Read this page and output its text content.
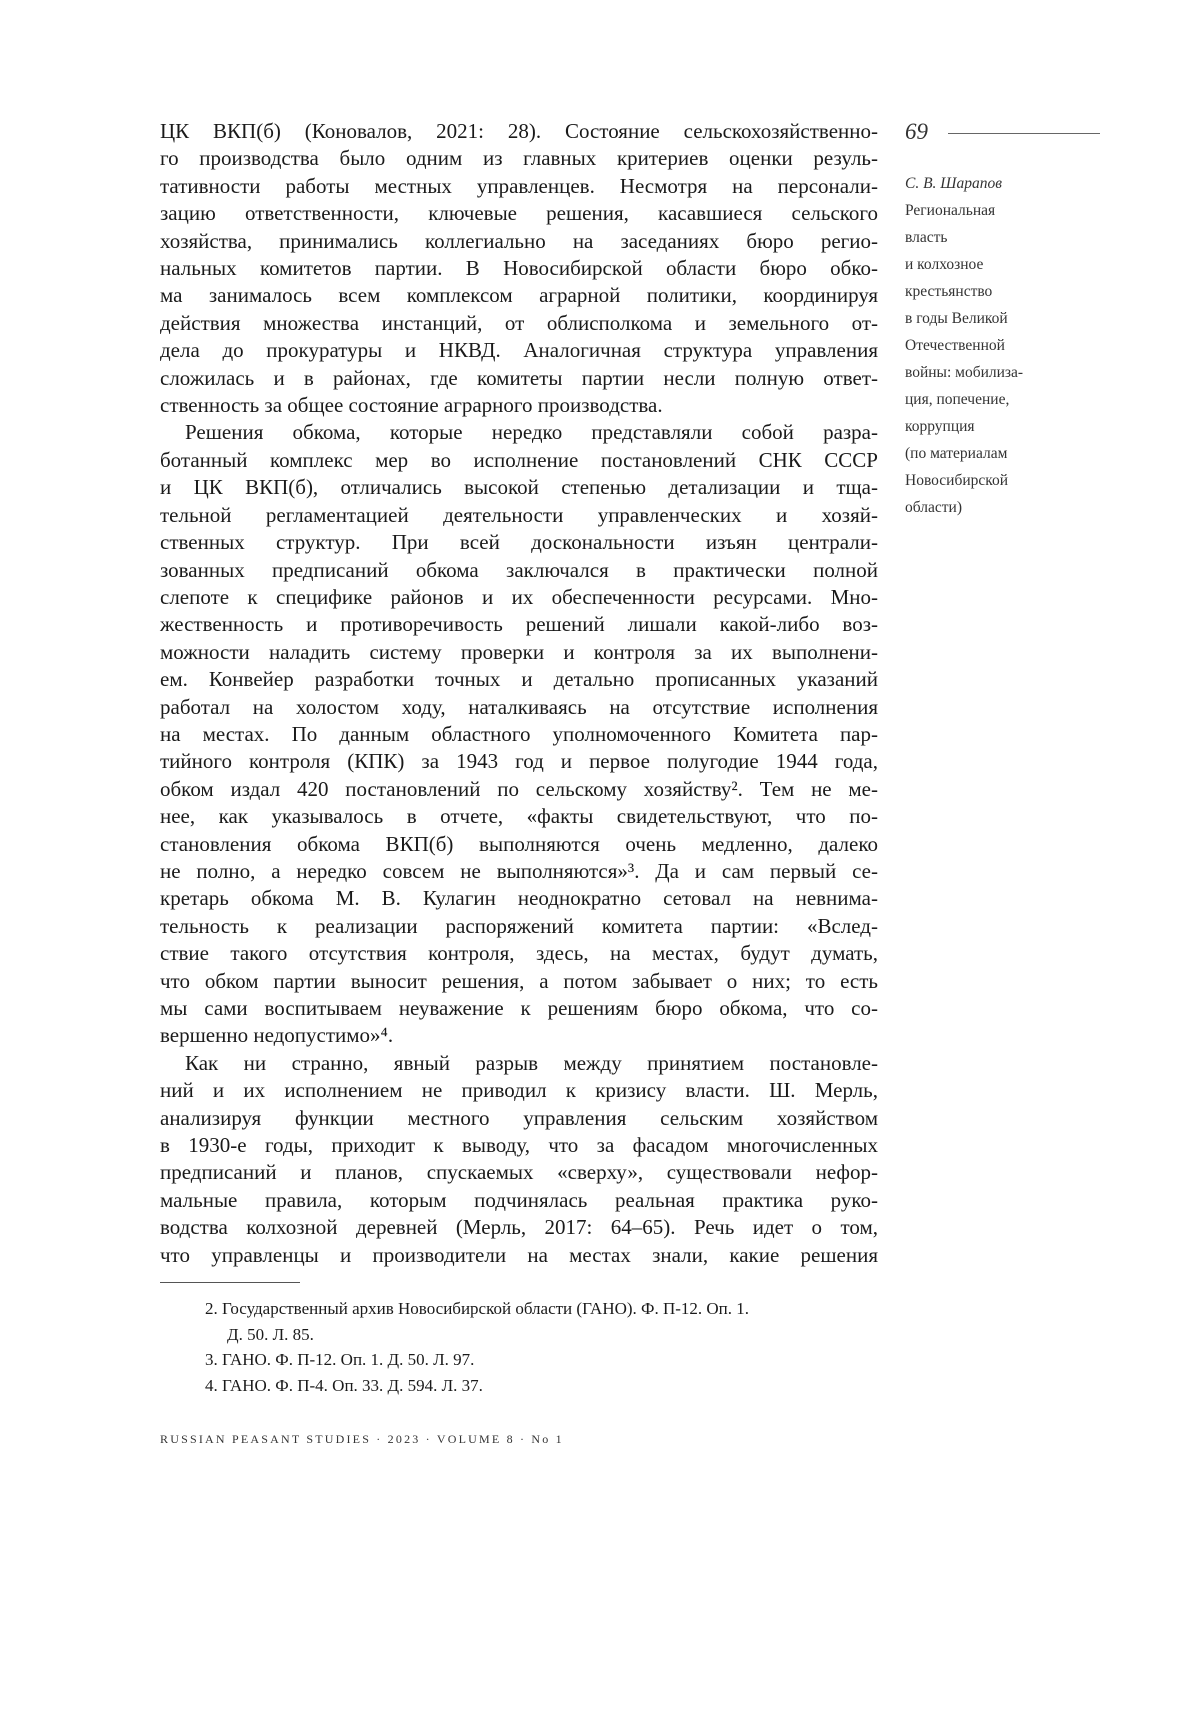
69
С. В. Шарапов
Региональная
власть
и колхозное
крестьянство
в годы Великой
Отечественной
войны: мобилиза-
ция, попечение,
коррупция
(по материалам
Новосибирской
области)
ЦК ВКП(б) (Коновалов, 2021: 28). Состояние сельскохозяйственно-
го производства было одним из главных критериев оценки резуль-
тативности работы местных управленцев. Несмотря на персонали-
зацию ответственности, ключевые решения, касавшиеся сельского
хозяйства, принимались коллегиально на заседаниях бюро регио-
нальных комитетов партии. В Новосибирской области бюро обко-
ма занималось всем комплексом аграрной политики, координируя
действия множества инстанций, от облисполкома и земельного от-
дела до прокуратуры и НКВД. Аналогичная структура управления
сложилась и в районах, где комитеты партии несли полную ответ-
ственность за общее состояние аграрного производства.
Решения обкома, которые нередко представляли собой разра-
ботанный комплекс мер во исполнение постановлений СНК СССР
и ЦК ВКП(б), отличались высокой степенью детализации и тща-
тельной регламентацией деятельности управленческих и хозяй-
ственных структур. При всей доскональности изъян централи-
зованных предписаний обкома заключался в практически полной
слепоте к специфике районов и их обеспеченности ресурсами. Мно-
жественность и противоречивость решений лишали какой-либо воз-
можности наладить систему проверки и контроля за их выполнени-
ем. Конвейер разработки точных и детально прописанных указаний
работал на холостом ходу, наталкиваясь на отсутствие исполнения
на местах. По данным областного уполномоченного Комитета пар-
тийного контроля (КПК) за 1943 год и первое полугодие 1944 года,
обком издал 420 постановлений по сельскому хозяйству². Тем не ме-
нее, как указывалось в отчете, «факты свидетельствуют, что по-
становления обкома ВКП(б) выполняются очень медленно, далеко
не полно, а нередко совсем не выполняются»³. Да и сам первый се-
кретарь обкома М. В. Кулагин неоднократно сетовал на невнима-
тельность к реализации распоряжений комитета партии: «Вслед-
ствие такого отсутствия контроля, здесь, на местах, будут думать,
что обком партии выносит решения, а потом забывает о них; то есть
мы сами воспитываем неуважение к решениям бюро обкома, что со-
вершенно недопустимо»⁴.
Как ни странно, явный разрыв между принятием постановле-
ний и их исполнением не приводил к кризису власти. Ш. Мерль,
анализируя функции местного управления сельским хозяйством
в 1930-е годы, приходит к выводу, что за фасадом многочисленных
предписаний и планов, спускаемых «сверху», существовали нефор-
мальные правила, которым подчинялась реальная практика руко-
водства колхозной деревней (Мерль, 2017: 64–65). Речь идет о том,
что управленцы и производители на местах знали, какие решения
2. Государственный архив Новосибирской области (ГАНО). Ф. П-12. Оп. 1.
Д. 50. Л. 85.
3. ГАНО. Ф. П-12. Оп. 1. Д. 50. Л. 97.
4. ГАНО. Ф. П-4. Оп. 33. Д. 594. Л. 37.
RUSSIAN PEASANT STUDIES · 2023 · VOLUME 8 · No 1
